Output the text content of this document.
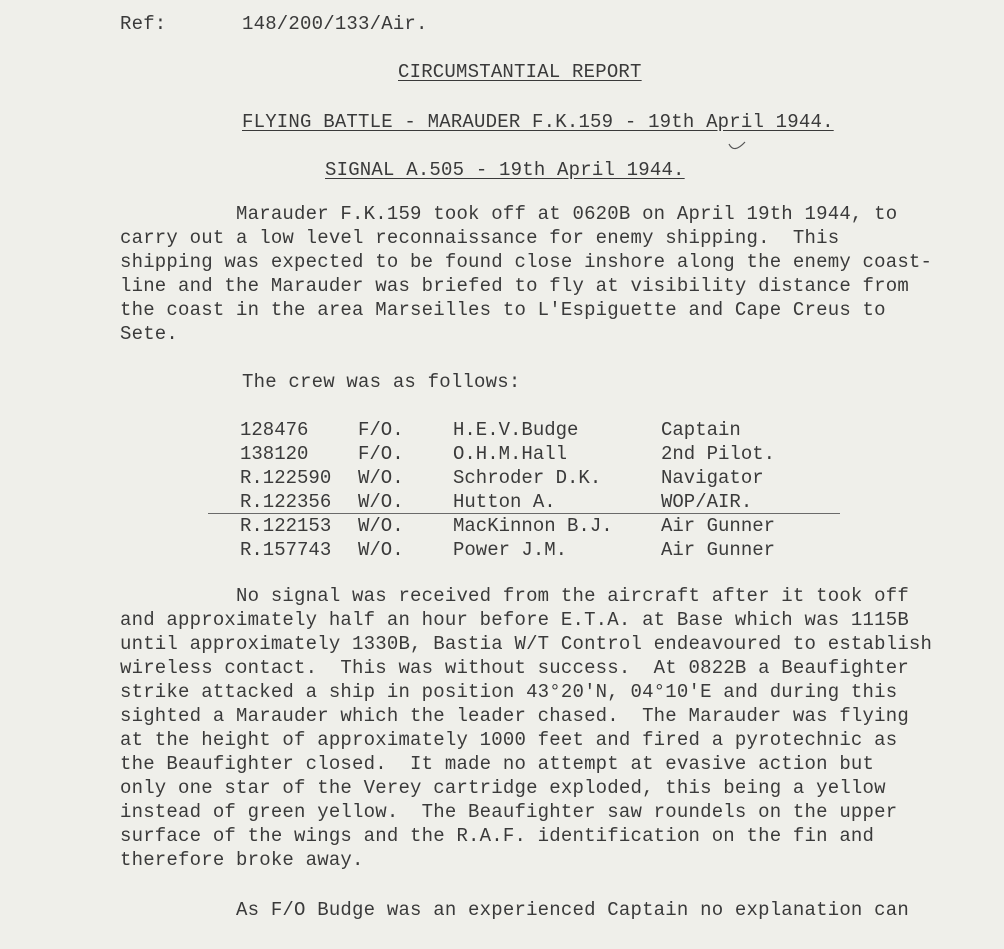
Ref:	148/200/133/Air.
CIRCUMSTANTIAL REPORT
FLYING BATTLE - MARAUDER F.K.159 - 19th April 1944.
SIGNAL A.505 - 19th April 1944.
Marauder F.K.159 took off at 0620B on April 19th 1944, to
carry out a low level reconnaissance for enemy shipping.  This
shipping was expected to be found close inshore along the enemy coast-
line and the Marauder was briefed to fly at visibility distance from
the coast in the area Marseilles to L'Espiguette and Cape Creus to
Sete.
The crew was as follows:
128476	F/O.	H.E.V.Budge	Captain
138120	F/O.	O.H.M.Hall	2nd Pilot.
R.122590	W/O.	Schroder D.K.	Navigator
R.122356	W/O.	Hutton A.	WOP/AIR.
R.122153	W/O.	MacKinnon B.J.	Air Gunner
R.157743	W/O.	Power J.M.	Air Gunner
No signal was received from the aircraft after it took off
and approximately half an hour before E.T.A. at Base which was 1115B
until approximately 1330B, Bastia W/T Control endeavoured to establish
wireless contact.  This was without success.  At 0822B a Beaufighter
strike attacked a ship in position 43°20'N, 04°10'E and during this
sighted a Marauder which the leader chased.  The Marauder was flying
at the height of approximately 1000 feet and fired a pyrotechnic as
the Beaufighter closed.  It made no attempt at evasive action but
only one star of the Verey cartridge exploded, this being a yellow
instead of green yellow.  The Beaufighter saw roundels on the upper
surface of the wings and the R.A.F. identification on the fin and
therefore broke away.
As F/O Budge was an experienced Captain no explanation can
